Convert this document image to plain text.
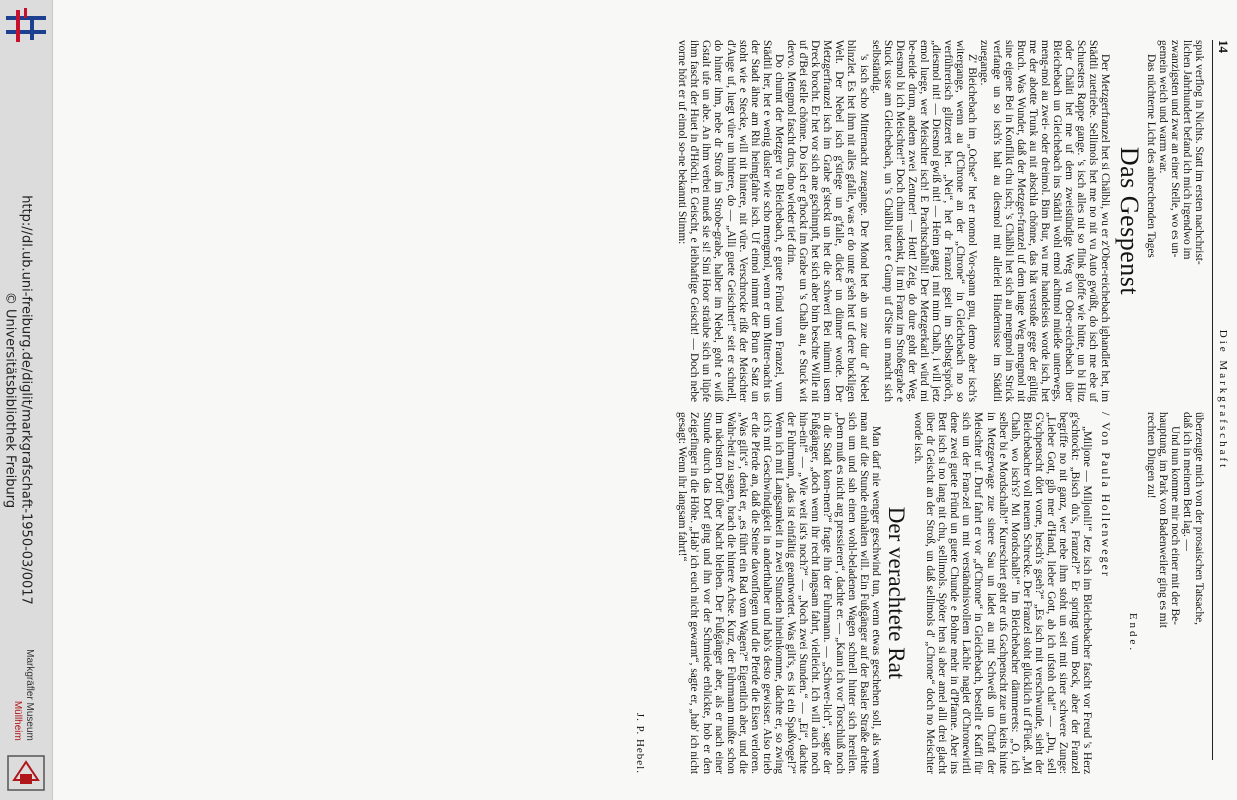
http://dl.ub.uni-freiburg.de/diglit/markgrafschaft-1950-03/0017
© Universitätsbibliothek Freiburg
Markgräfler Museum
Müllheim
14
Die Markgrafschaft
spuk verflog in Nichts. Statt im ersten nachchrist-
lichen Jahrhundert befand ich mich irgendwo im
zwanzigsten und zwar an einer Stelle, wo es un-
gemein weich und warm war.
Das nüchterne Licht des anbrechenden Tages
Das Gespenst

Der Metzgerfranzel het si Chälbli, wu er z'Ober-reichebach ighandlet het, im Städtli zuetriebe. Sellimols het me no nit vu Auto gwüßt, do isch me ebe uf Schuesters Rappe gange. 's isch alles nit so flink gloffe wie hütte, un bi Hitz oder Chälti het me uf dem zweistündige Weg vu Ober-reichebach über Bleichebach un Gleichebach ins Städtli wohl emol achtmol müeße unterwegs, meng-mol au zwei- oder dreimol. Bim Bur, wu me handelseis worde isch, het me der abotte Trunk au nit abschla chönne, das hät verstoße gege der gültig Bruch. Was Wunder, daß der Metzger-franzel uf dem lange Weg mengmol nit sine eigene Bei in Konflikt chu isch; 's Chälbli het sich au mengmol im Strick verfange un so isch's halt au diesmol mit allerlei Hindernisse im Städtli zuegange.

Z' Bleichebach im „Ochse“ het er nomol Vor-spann gnu, demo aber isch's witergange, wenn au d'Chrone an der „Chrone“ in Gleichebach no so verführerisch glitzeret het. „Nei“, het dr Franzel gseit im Selbstg'spröch, „diesmol nit! — Diesmol gwiß nit! — Heim gang i mit mim Chalb, i will jetz emol luege, wer Meischter isch! E Prachtschalbli! Der Metzgerkarli würd mi be-neide drum, andem zwei Zentner! — Hott! Zeig, do dure goht der Weg. Diesmol bi ich Meischter!“ Doch chum usdenkt, lit mi Franz im Stroßegrabe e Stuck usse am Gleichebach, un 's Chälbli tuet e Gump uf d'Site un macht sich selbständig.

's isch scho Mitternacht zuegange. Der Mond het ab un zue dur d' Nebel blinzlet. Es het ihm nit alles gfalle, was er do unte g'seh het uf dere buckligen Welt. Der Nebel isch g'stiege un g'falle, dicker un dünner worde. Der Metzgerfranzel isch im Grabe g'steckt un het die schweri Bei nümmi usem Dreck brocht. Er het vor sich ane gschimpft, het sich aber bim beschte Wille nit uf d'Bei stelle chönne. Do isch er g'hockt im Grabe un 's Chalb au, e Stuck wit dervo. Mengmol fascht drus, dno wieder tief drin.

Do chunnt der Metzger vu Bleichebach, e guete Fründ vum Franzel, vum Städtli her, het e wenig dusler wie scho mengmol, wenn er um Mitter-nacht us der Stadt ähne am Rhi heimgfahre isch. Uf eimol nimmt der Brun e Satz un stoht wie e Stecke, will nit hintere, nit vüre. Verschrocke rißt der Meischter d'Auge uf, luegt vüre un hintere, do — „Alli guete Geischter!“ seit er schnell, do hinter ihm, nebe dr Stroß im Strobe-grabe, halber im Nebel, goht e wiiß Gstalt ufe un abe. An ihm verbei mueß sie si! Sini Hoor sträube sich un lüpfe ihm fascht der Huet in d'Höchi. E Geischt, e leibhaftige Geischt! — Doch nebe vorne hört er uf eimol so-ne bekannti Stimm:

überzeugte mich von der prosaischen Tatsache,
daß ich in meinem Bett lag. —
Und nun komme mir noch einer mit der Be-
hauptung, im Park von Badenweiler ging es mit
rechten Dingen zu!
Ende.
/ Von Paula Hollenweger

„Miljone — Miljonli!“ Jetz isch im Bleichebacher fascht vor Freud 's Herz g'schtockt: „Bisch du's, Franzel?“ Er springt vum Bock, aber der Franzel begriffe no nit ganz, wer nebe ihm stoht un seit mit siner schwere Zunge: „Lieber Gott, gib mer d'Hand, lieber Gott, ab ich ufstoh cha!“ — „Du, sell G'schpenscht dört vorne, hesch's gseh?“ „Es isch mit verschwunde, sieht der Bleichebacher voll neuem Schrecke. Der Franzel stoht glücklich uf d'Füeß. „Mi Chalb, wo isch's? Mi Mordschalb!“ Im Bleichebacher dämmerets: „O, ich selber bi e Mordschalb!“ Kureschiert goht er ufs Gschpenscht zue un keits hinte in Metzgerwage zue sinere Sau un ladet au mit Schweiß un Chraft der Meischter uf. Druf fahrt er vor „d'Chrone“ in Gleichebach, bestellt e Kaffi für sich un der Fran-zel un mit verständnisvollem Lächle naglet d'Chronewirtli dene zwei guete Fründ un guete Chunde e Bohne mehr in d'Pfanne. Aber ins Bett isch si no lang nit chu, sellimols. Spöter hen si aber amel alli drei glacht über dr Geischt an der Stroß, un daß sellimols d' „Chrone“ doch no Meischter worde isch.

Der verachtete Rat

Man darf nie wenger geschwind tun, wenn etwas geschehen soll, als wenn man auf die Stunde einhalten will. Ein Fußgänger auf der Basler Straße drehte sich um und sah einen wohl-beladenen Wagen schnell hinter sich hereilen. „Dem muß es nicht arg pressieren“, dachte er. — „Kann ich vor Torschluß noch in die Stadt kom-men?“ fragte ihn der Fuhrmann. — „Schwer-lich“, sagte der Fußgänger, „doch wenn ihr recht langsam fahrt, vielleicht. Ich will auch noch hin-ein!“ — „Wie weit ist's noch?“ — „Noch zwei Stunden.“ — „Ei“, dachte der Fuhrmann, „das ist einfältig geantwortet. Was gilt's, es ist ein Spaßvogel?“ Wenn ich mit Langsamkeit in zwei Stunden hineinkomme, dachte er, so zwing ich's mit Geschwindigkeit in anderthalber und hab's desto gewisser. Also trieb er die Pferde an, daß die Steine davonflogen und die Pferde die Eisen verloren. „Was gilt's“, denkt er, „es führt ein Rad vom Wagen?“ Eigentlich aber, und die Wahr-heit zu sagen, brach die hintere Achse. Kurz, der Fuhrmann mußte schon im nächsten Dorf über Nacht bleiben. Der Fußgänger aber, als er nach einer Stunde durch das Dorf ging und ihn vor der Schmiede erblickte, hob er den Zeigefinger in die Höhe. „Hab' ich euch nicht gewarnt“, sagte er, „hab' ich nicht gesagt: Wenn ihr langsam fahrt!“

J. P. Hebel.
